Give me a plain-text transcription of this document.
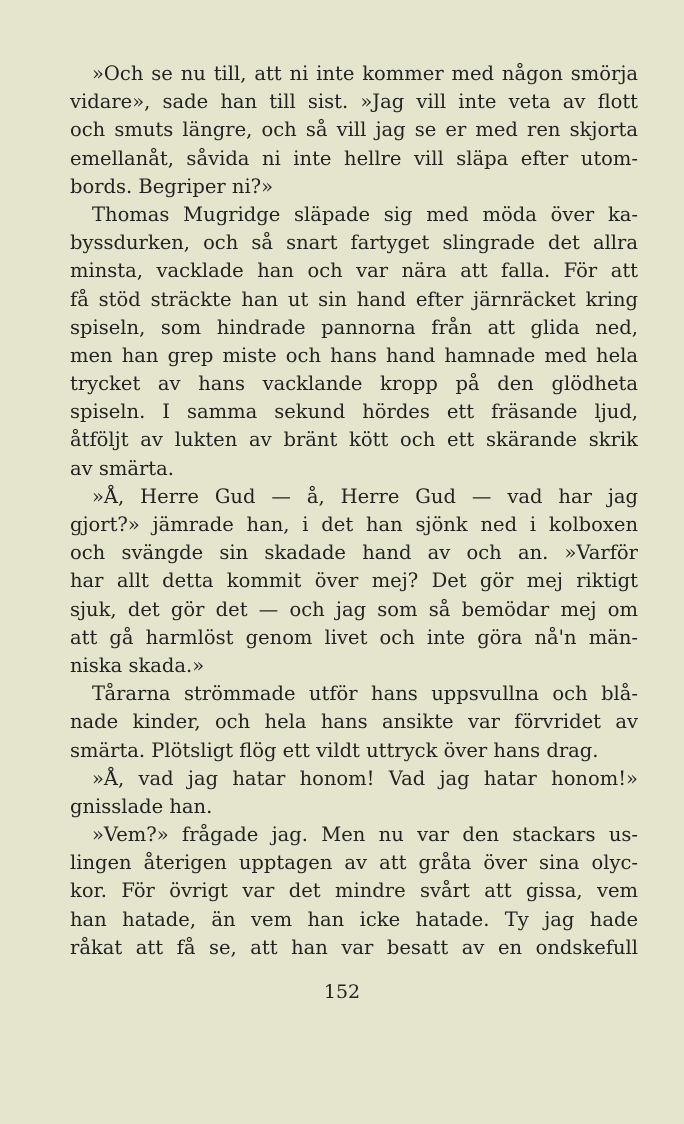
»Och se nu till, att ni inte kommer med någon smörja
vidare», sade han till sist. »Jag vill inte veta av flott
och smuts längre, och så vill jag se er med ren skjorta
emellanåt, såvida ni inte hellre vill släpa efter utom-
bords. Begriper ni?»
Thomas Mugridge släpade sig med möda över ka-
byssdurken, och så snart fartyget slingrade det allra
minsta, vacklade han och var nära att falla. För att
få stöd sträckte han ut sin hand efter järnräcket kring
spiseln, som hindrade pannorna från att glida ned,
men han grep miste och hans hand hamnade med hela
trycket av hans vacklande kropp på den glödheta
spiseln. I samma sekund hördes ett fräsande ljud,
åtföljt av lukten av bränt kött och ett skärande skrik
av smärta.
»Å, Herre Gud — å, Herre Gud — vad har jag
gjort?» jämrade han, i det han sjönk ned i kolboxen
och svängde sin skadade hand av och an. »Varför
har allt detta kommit över mej? Det gör mej riktigt
sjuk, det gör det — och jag som så bemödar mej om
att gå harmlöst genom livet och inte göra nå'n män-
niska skada.»
Tårarna strömmade utför hans uppsvullna och blå-
nade kinder, och hela hans ansikte var förvridet av
smärta. Plötsligt flög ett vildt uttryck över hans drag.
»Å, vad jag hatar honom! Vad jag hatar honom!»
gnisslade han.
»Vem?» frågade jag. Men nu var den stackars us-
lingen återigen upptagen av att gråta över sina olyc-
kor. För övrigt var det mindre svårt att gissa, vem
han hatade, än vem han icke hatade. Ty jag hade
råkat att få se, att han var besatt av en ondskefull
152
